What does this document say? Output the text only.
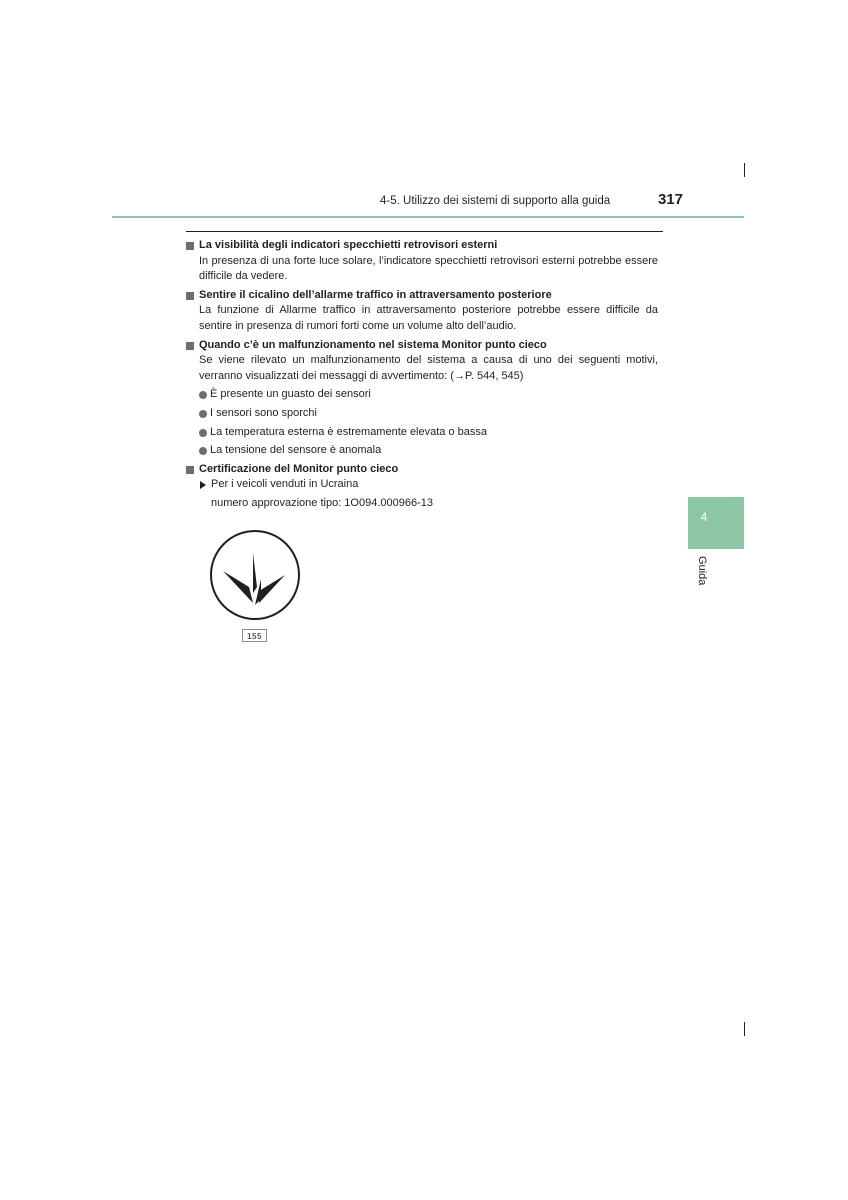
4-5. Utilizzo dei sistemi di supporto alla guida	317
La visibilità degli indicatori specchietti retrovisori esterni
In presenza di una forte luce solare, l’indicatore specchietti retrovisori esterni potrebbe essere difficile da vedere.
Sentire il cicalino dell’allarme traffico in attraversamento posteriore
La funzione di Allarme traffico in attraversamento posteriore potrebbe essere difficile da sentire in presenza di rumori forti come un volume alto dell’audio.
Quando c’è un malfunzionamento nel sistema Monitor punto cieco
Se viene rilevato un malfunzionamento del sistema a causa di uno dei seguenti motivi, verranno visualizzati dei messaggi di avvertimento: (→P. 544, 545)
È presente un guasto dei sensori
I sensori sono sporchi
La temperatura esterna è estremamente elevata o bassa
La tensione del sensore è anomala
Certificazione del Monitor punto cieco
Per i veicoli venduti in Ucraina
numero approvazione tipo: 1O094.000966-13
155
4
Guida
